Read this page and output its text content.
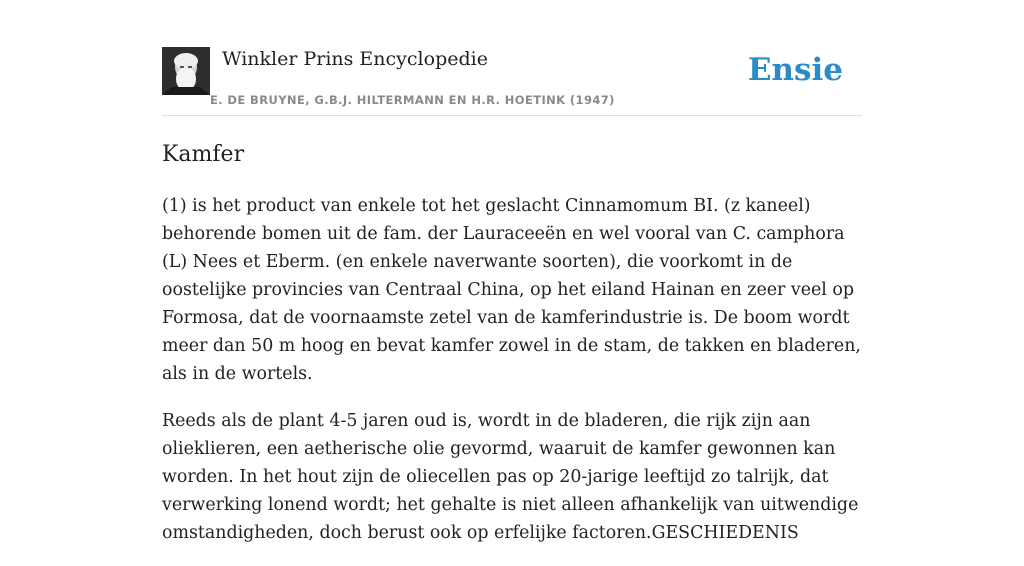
Winkler Prins Encyclopedie
E. DE BRUYNE, G.B.J. HILTERMANN EN H.R. HOETINK (1947)
Ensie
Kamfer

(1) is het product van enkele tot het geslacht Cinnamomum BI. (z kaneel) behorende bomen uit de fam. der Lauraceeën en wel vooral van C. camphora (L) Nees et Eberm. (en enkele naverwante soorten), die voorkomt in de oostelijke provincies van Centraal China, op het eiland Hainan en zeer veel op Formosa, dat de voornaamste zetel van de kamferindustrie is. De boom wordt meer dan 50 m hoog en bevat kamfer zowel in de stam, de takken en bladeren, als in de wortels.

Reeds als de plant 4-5 jaren oud is, wordt in de bladeren, die rijk zijn aan olieklieren, een aetherische olie gevormd, waaruit de kamfer gewonnen kan worden. In het hout zijn de oliecellen pas op 20-jarige leeftijd zo talrijk, dat verwerking lonend wordt; het gehalte is niet alleen afhankelijk van uitwendige omstandigheden, doch berust ook op erfelijke factoren.GESCHIEDENIS
